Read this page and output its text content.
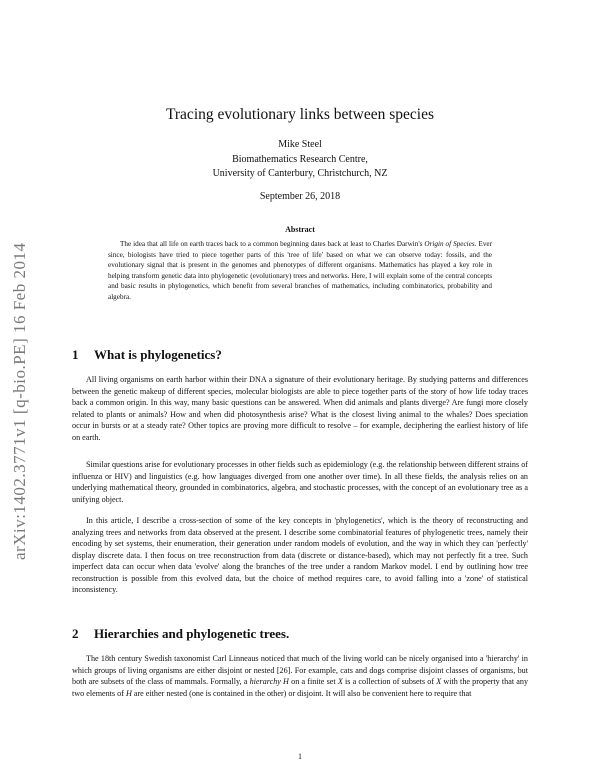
arXiv:1402.3771v1 [q-bio.PE] 16 Feb 2014
Tracing evolutionary links between species
Mike Steel
Biomathematics Research Centre,
University of Canterbury, Christchurch, NZ
September 26, 2018
Abstract
The idea that all life on earth traces back to a common beginning dates back at least to Charles Darwin's Origin of Species. Ever since, biologists have tried to piece together parts of this 'tree of life' based on what we can observe today: fossils, and the evolutionary signal that is present in the genomes and phenotypes of different organisms. Mathematics has played a key role in helping transform genetic data into phylogenetic (evolutionary) trees and networks. Here, I will explain some of the central concepts and basic results in phylogenetics, which benefit from several branches of mathematics, including combinatorics, probability and algebra.
1 What is phylogenetics?
All living organisms on earth harbor within their DNA a signature of their evolutionary heritage. By studying patterns and differences between the genetic makeup of different species, molecular biologists are able to piece together parts of the story of how life today traces back a common origin. In this way, many basic questions can be answered. When did animals and plants diverge? Are fungi more closely related to plants or animals? How and when did photosynthesis arise? What is the closest living animal to the whales? Does speciation occur in bursts or at a steady rate? Other topics are proving more difficult to resolve – for example, deciphering the earliest history of life on earth.
Similar questions arise for evolutionary processes in other fields such as epidemiology (e.g. the relationship between different strains of influenza or HIV) and linguistics (e.g. how languages diverged from one another over time). In all these fields, the analysis relies on an underlying mathematical theory, grounded in combinatorics, algebra, and stochastic processes, with the concept of an evolutionary tree as a unifying object.
In this article, I describe a cross-section of some of the key concepts in 'phylogenetics', which is the theory of reconstructing and analyzing trees and networks from data observed at the present. I describe some combinatorial features of phylogenetic trees, namely their encoding by set systems, their enumeration, their generation under random models of evolution, and the way in which they can 'perfectly' display discrete data. I then focus on tree reconstruction from data (discrete or distance-based), which may not perfectly fit a tree. Such imperfect data can occur when data 'evolve' along the branches of the tree under a random Markov model. I end by outlining how tree reconstruction is possible from this evolved data, but the choice of method requires care, to avoid falling into a 'zone' of statistical inconsistency.
2 Hierarchies and phylogenetic trees.
The 18th century Swedish taxonomist Carl Linneaus noticed that much of the living world can be nicely organised into a 'hierarchy' in which groups of living organisms are either disjoint or nested [26]. For example, cats and dogs comprise disjoint classes of organisms, but both are subsets of the class of mammals. Formally, a hierarchy H on a finite set X is a collection of subsets of X with the property that any two elements of H are either nested (one is contained in the other) or disjoint. It will also be convenient here to require that
1
